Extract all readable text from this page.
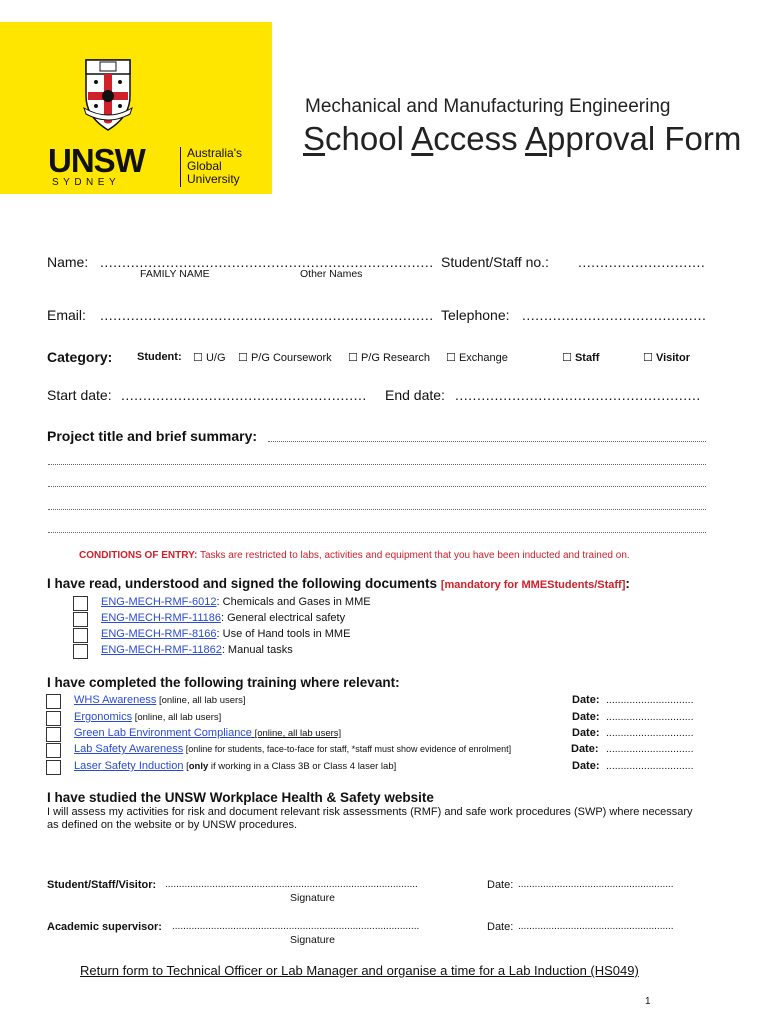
UNSW
SYDNEY
Australia's
Global
University
Mechanical and Manufacturing Engineering
School Access Approval Form
Name: ............................................................................
FAMILY NAME	Other Names
Student/Staff no.: .............................
Email: ............................................................................ Telephone: ..........................................
Category: Student: ☐ U/G ☐ P/G Coursework ☐ P/G Research ☐ Exchange	☐ Staff	☐ Visitor
Start date: ........................................................ End date: ........................................................
Project title and brief summary:
CONDITIONS OF ENTRY: Tasks are restricted to labs, activities and equipment that you have been inducted and trained on.
I have read, understood and signed the following documents [mandatory for MMEStudents/Staff]:
ENG-MECH-RMF-6012: Chemicals and Gases in MME
ENG-MECH-RMF-11186: General electrical safety
ENG-MECH-RMF-8166: Use of Hand tools in MME
ENG-MECH-RMF-11862: Manual tasks
I have completed the following training where relevant:
WHS Awareness [online, all lab users]	Date: ..............................
Ergonomics [online, all lab users]	Date: ..............................
Green Lab Environment Compliance [online, all lab users]	Date: ..............................
Lab Safety Awareness [online for students, face-to-face for staff, *staff must show evidence of enrolment]	Date: ..............................
Laser Safety Induction [only if working in a Class 3B or Class 4 laser lab]	Date: ..............................
I have studied the UNSW Workplace Health & Safety website
I will assess my activities for risk and document relevant risk assessments (RMF) and safe work procedures (SWP) where necessary
as defined on the website or by UNSW procedures.
Student/Staff/Visitor: ...........................................................................................
Signature
Date: ........................................................
Academic supervisor: .........................................................................................
Signature
Date: ........................................................
Return form to Technical Officer or Lab Manager and organise a time for a Lab Induction (HS049)
1
